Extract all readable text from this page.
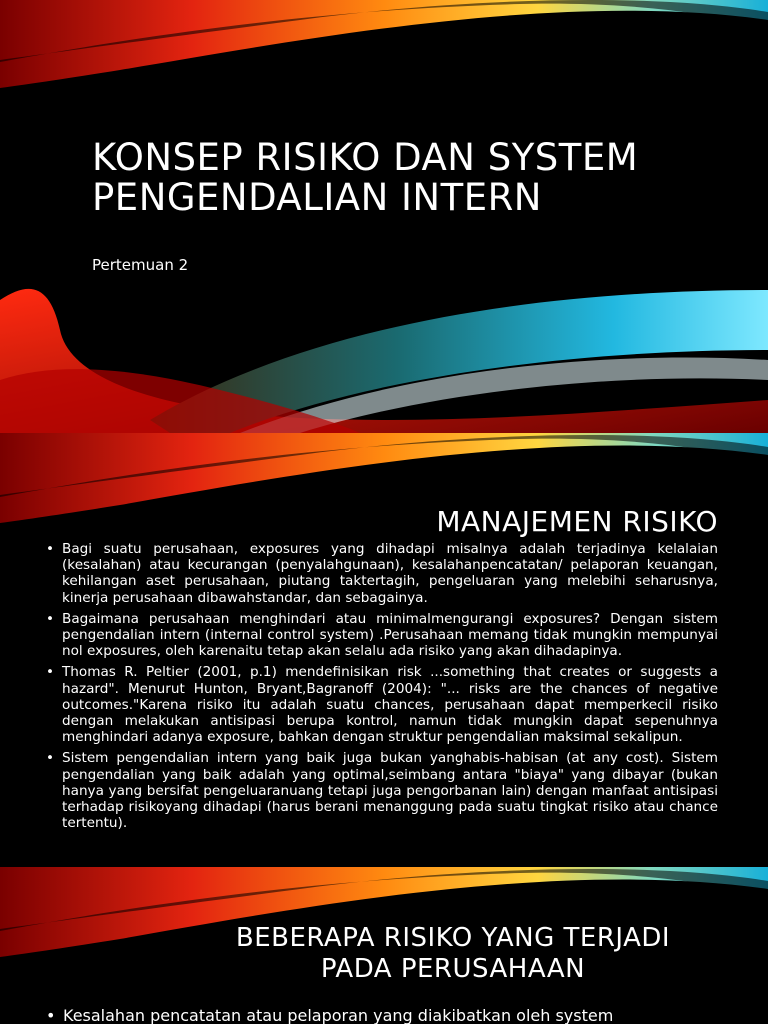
KONSEP RISIKO DAN SYSTEM PENGENDALIAN INTERN
Pertemuan 2
MANAJEMEN RISIKO
• Bagi suatu perusahaan, exposures yang dihadapi misalnya adalah terjadinya kelalaian (kesalahan) atau kecurangan (penyalahgunaan), kesalahanpencatatan/ pelaporan keuangan, kehilangan aset perusahaan, piutang taktertagih, pengeluaran yang melebihi seharusnya, kinerja perusahaan dibawahstandar, dan sebagainya.
• Bagaimana perusahaan menghindari atau minimalmengurangi exposures? Dengan sistem pengendalian intern (internal control system) .Perusahaan memang tidak mungkin mempunyai nol exposures, oleh karenaitu tetap akan selalu ada risiko yang akan dihadapinya.
• Thomas R. Peltier (2001, p.1) mendefinisikan risk ...something that creates or suggests a hazard". Menurut Hunton, Bryant,Bagranoff (2004): "... risks are the chances of negative outcomes."Karena risiko itu adalah suatu chances, perusahaan dapat memperkecil risiko dengan melakukan antisipasi berupa kontrol, namun tidak mungkin dapat sepenuhnya menghindari adanya exposure, bahkan dengan struktur pengendalian maksimal sekalipun.
• Sistem pengendalian intern yang baik juga bukan yanghabis-habisan (at any cost). Sistem pengendalian yang baik adalah yang optimal,seimbang antara "biaya" yang dibayar (bukan hanya yang bersifat pengeluaranuang tetapi juga pengorbanan lain) dengan manfaat antisipasi terhadap risikoyang dihadapi (harus berani menanggung pada suatu tingkat risiko atau chance tertentu).
BEBERAPA RISIKO YANG TERJADI
PADA PERUSAHAAN
• Kesalahan pencatatan atau pelaporan yang diakibatkan oleh system
